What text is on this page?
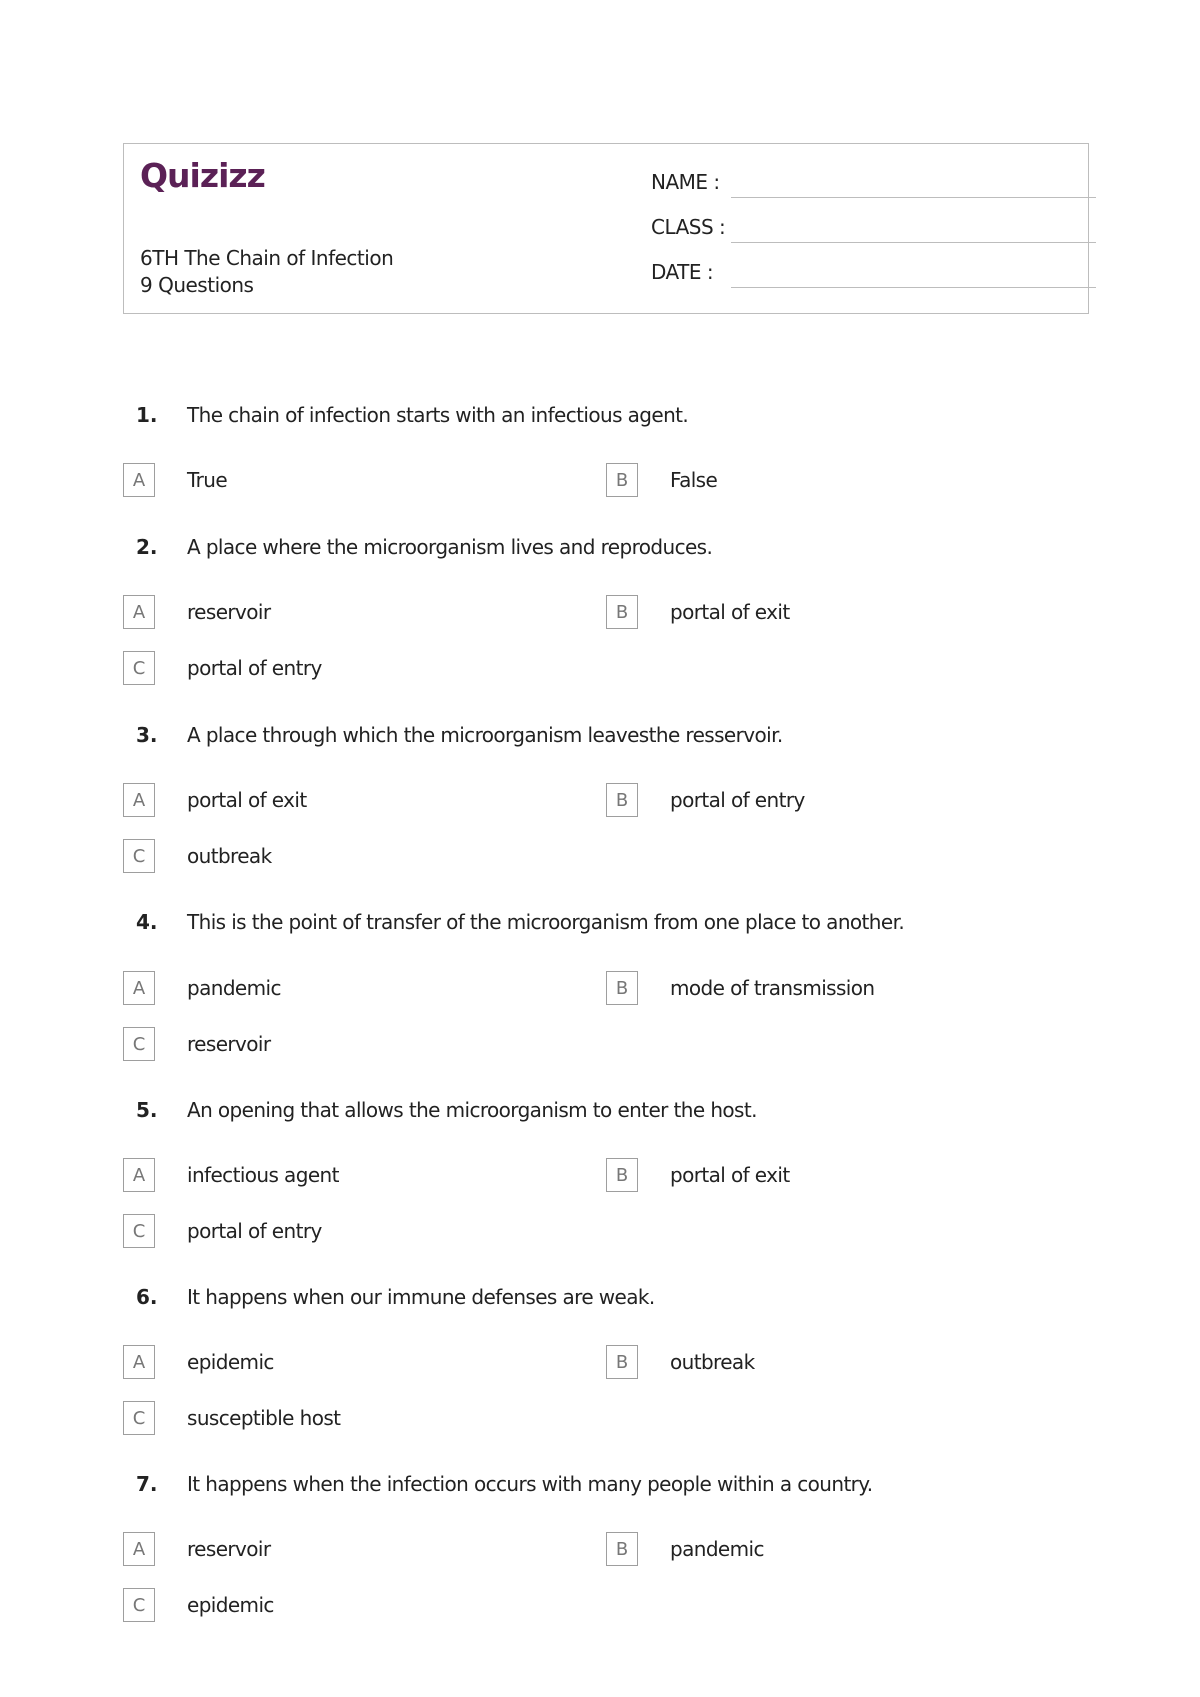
Quizizz
6TH The Chain of Infection
9 Questions
NAME :
CLASS :
DATE :
1. The chain of infection starts with an infectious agent.
A	True	B	False
2. A place where the microorganism lives and reproduces.
A	reservoir	B	portal of exit
C	portal of entry
3. A place through which the microorganism leavesthe resservoir.
A	portal of exit	B	portal of entry
C	outbreak
4. This is the point of transfer of the microorganism from one place to another.
A	pandemic	B	mode of transmission
C	reservoir
5. An opening that allows the microorganism to enter the host.
A	infectious agent	B	portal of exit
C	portal of entry
6. It happens when our immune defenses are weak.
A	epidemic	B	outbreak
C	susceptible host
7. It happens when the infection occurs with many people within a country.
A	reservoir	B	pandemic
C	epidemic
